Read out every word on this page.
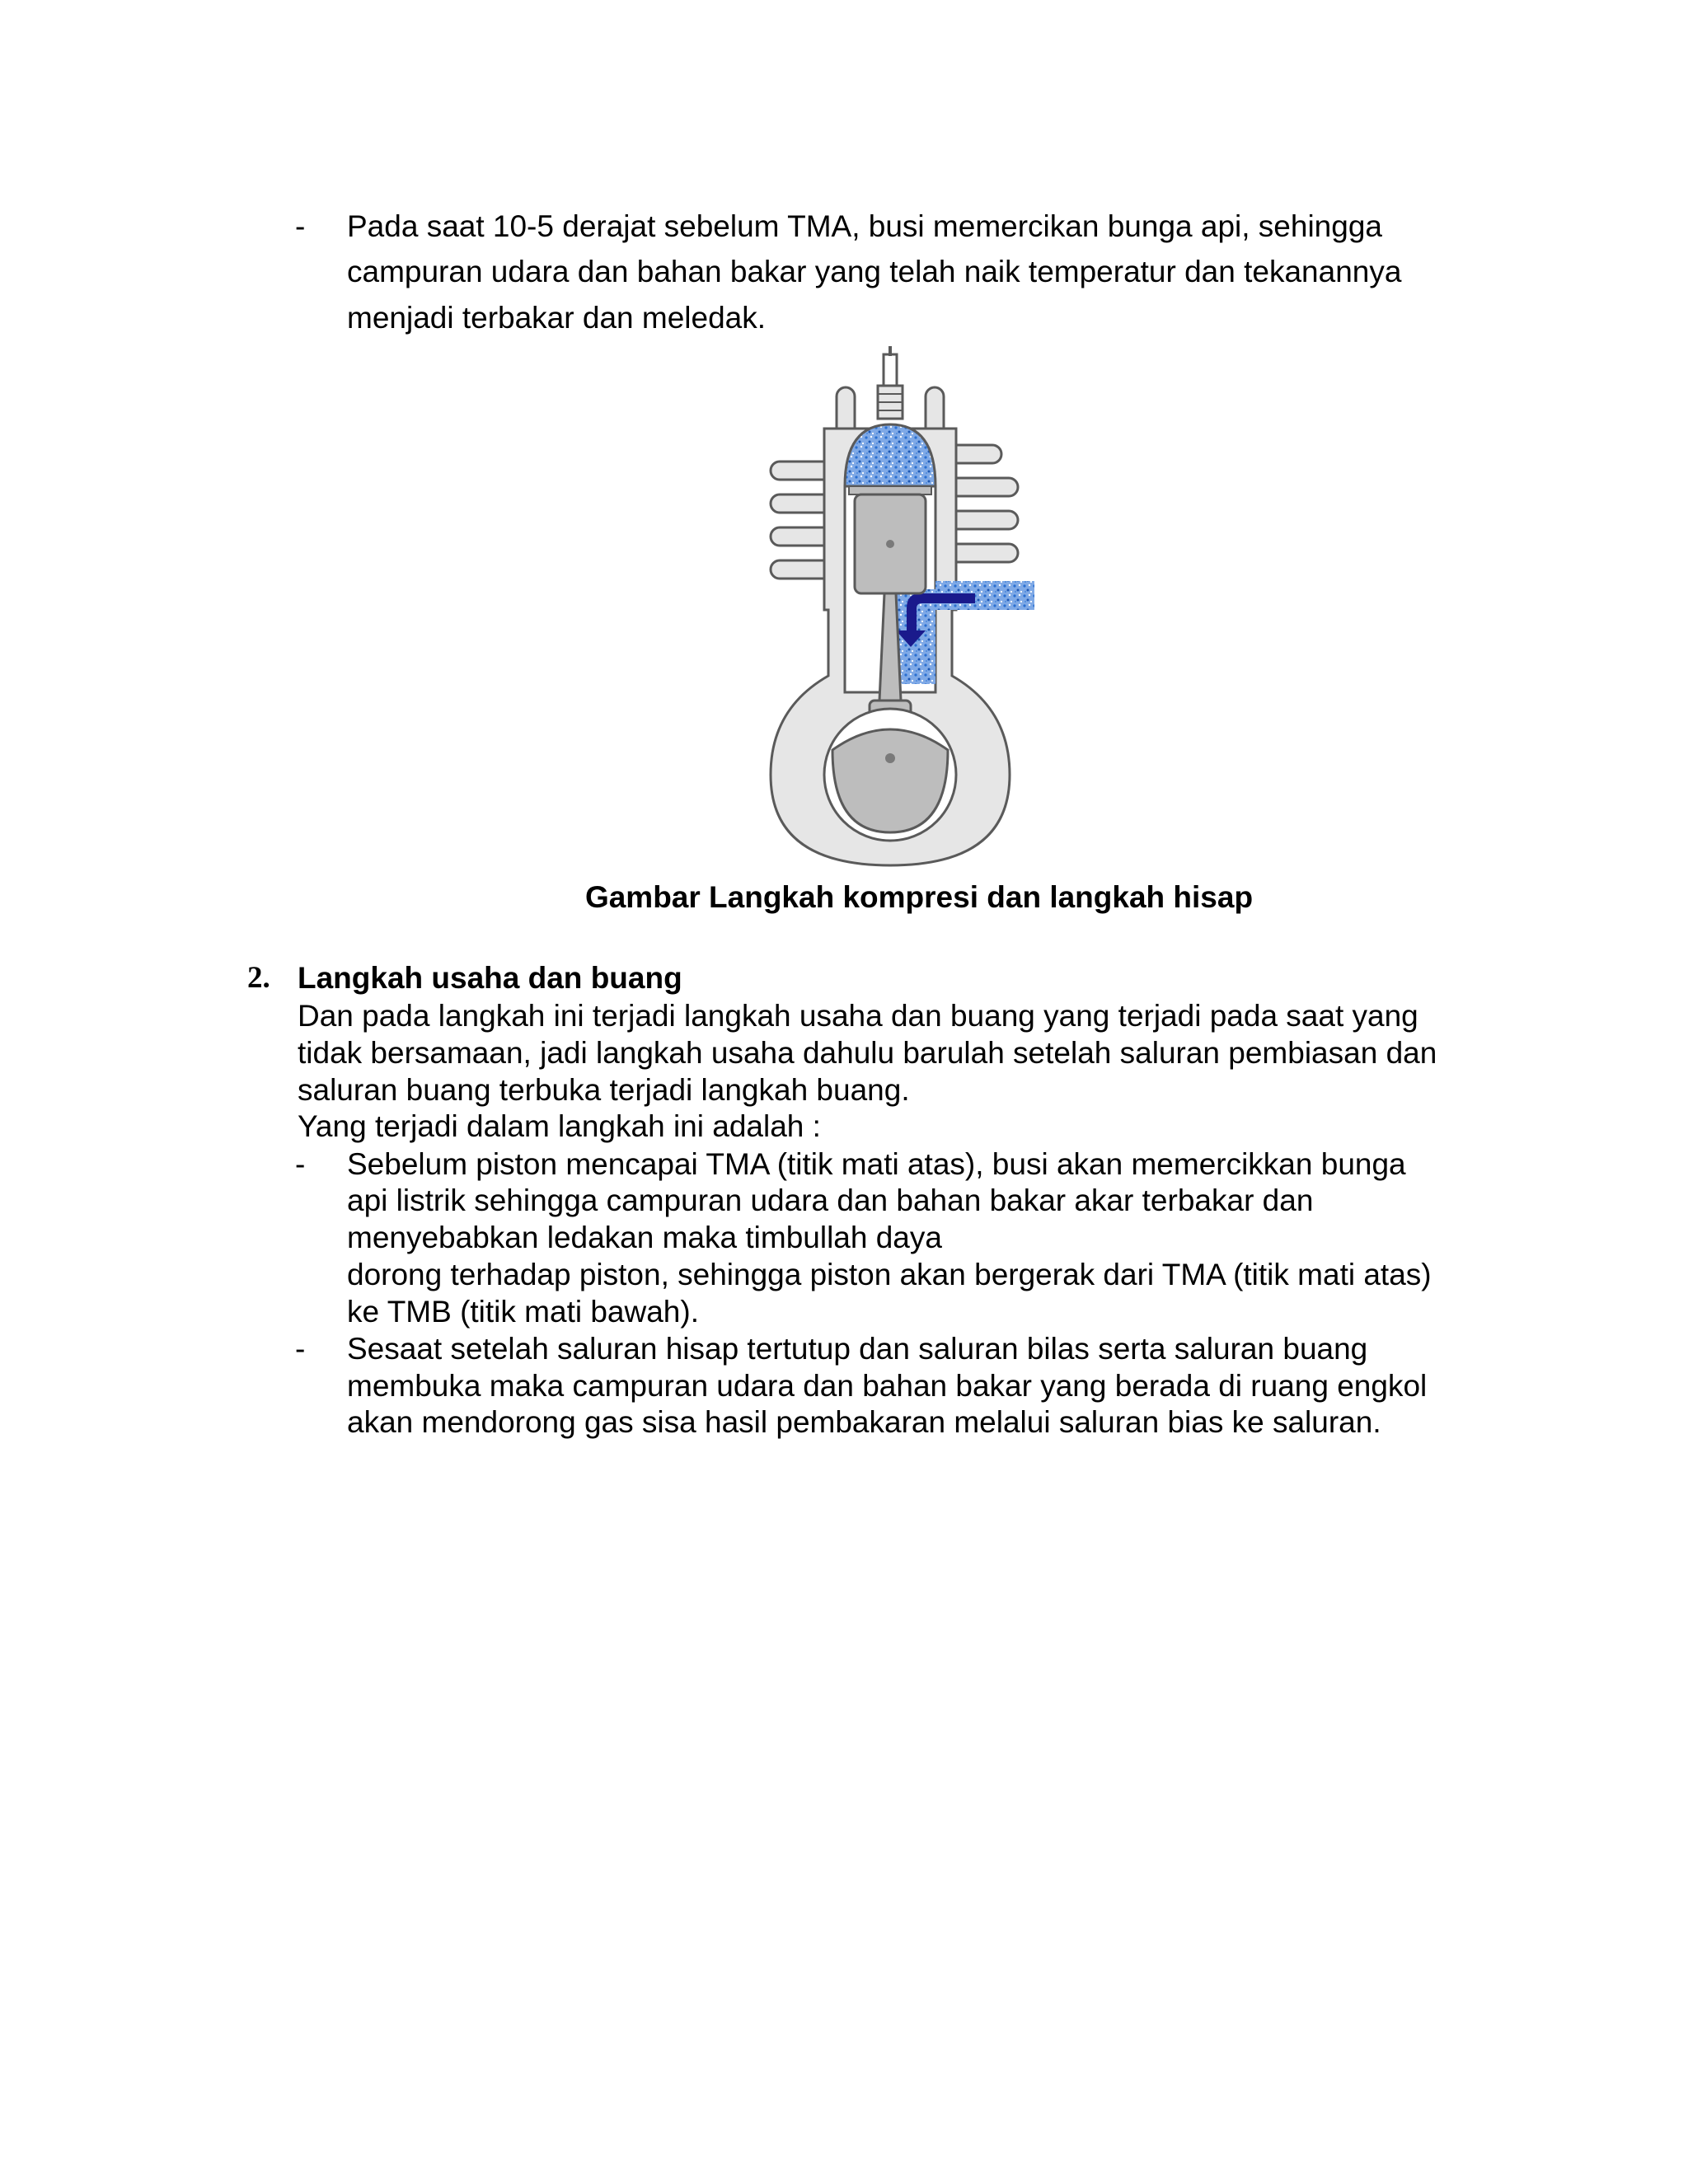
- Pada saat 10-5 derajat sebelum TMA, busi memercikan bunga api, sehingga
campuran udara dan bahan bakar yang telah naik temperatur dan tekanannya
menjadi terbakar dan meledak.
Gambar Langkah kompresi dan langkah hisap
2. Langkah usaha dan buang
Dan pada langkah ini terjadi langkah usaha dan buang yang terjadi pada saat yang
tidak bersamaan, jadi langkah usaha dahulu barulah setelah saluran pembiasan dan
saluran buang terbuka terjadi langkah buang.
Yang terjadi dalam langkah ini adalah :
- Sebelum piston mencapai TMA (titik mati atas), busi akan memercikkan bunga
api listrik sehingga campuran udara dan bahan bakar akar terbakar dan
menyebabkan ledakan maka timbullah daya
dorong terhadap piston, sehingga piston akan bergerak dari TMA (titik mati atas)
ke TMB (titik mati bawah).
- Sesaat setelah saluran hisap tertutup dan saluran bilas serta saluran buang
membuka maka campuran udara dan bahan bakar yang berada di ruang engkol
akan mendorong gas sisa hasil pembakaran melalui saluran bias ke saluran.
